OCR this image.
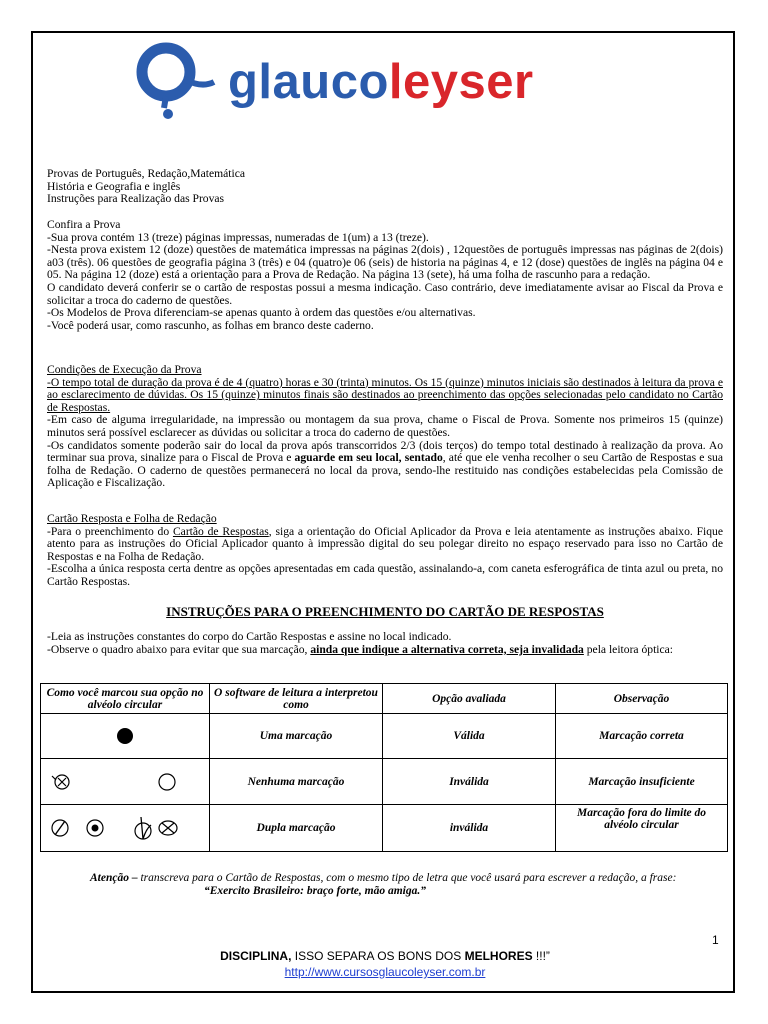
glaucoleyser
Provas de Português, Redação,Matemática
História e Geografia e inglês
Instruções para Realização das Provas
Confira a Prova
-Sua prova contém 13 (treze) páginas impressas, numeradas de 1(um) a 13 (treze).
-Nesta prova existem 12 (doze) questões de matemática impressas na páginas 2(dois) , 12questões de português impressas nas páginas de 2(dois) a03 (três). 06 questões de geografia página 3 (três) e 04 (quatro)e 06 (seis) de historia na páginas 4, e 12 (dose) questões de inglês na página 04 e 05. Na página 12 (doze) está a orientação para a Prova de Redação. Na página 13 (sete), há uma folha de rascunho para a redação.
O candidato deverá conferir se o cartão de respostas possui a mesma indicação. Caso contrário, deve imediatamente avisar ao Fiscal da Prova e solicitar a troca do caderno de questões.
-Os Modelos de Prova diferenciam-se apenas quanto à ordem das questões e/ou alternativas.
-Você poderá usar, como rascunho, as folhas em branco deste caderno.
Condições de Execução da Prova
-O tempo total de duração da prova é de 4 (quatro) horas e 30 (trinta) minutos. Os 15 (quinze) minutos iniciais são destinados à leitura da prova e ao esclarecimento de dúvidas. Os 15 (quinze) minutos finais são destinados ao preenchimento das opções selecionadas pelo candidato no Cartão de Respostas.
-Em caso de alguma irregularidade, na impressão ou montagem da sua prova, chame o Fiscal de Prova. Somente nos primeiros 15 (quinze) minutos será possível esclarecer as dúvidas ou solicitar a troca do caderno de questões.
-Os candidatos somente poderão sair do local da prova após transcorridos 2/3 (dois terços) do tempo total destinado à realização da prova. Ao terminar sua prova, sinalize para o Fiscal de Prova e aguarde em seu local, sentado, até que ele venha recolher o seu Cartão de Respostas e sua folha de Redação. O caderno de questões permanecerá no local da prova, sendo-lhe restituido nas condições estabelecidas pela Comissão de Aplicação e Fiscalização.
Cartão Resposta e Folha de Redação
-Para o preenchimento do Cartão de Respostas, siga a orientação do Oficial Aplicador da Prova e leia atentamente as instruções abaixo. Fique atento para as instruções do Oficial Aplicador quanto à impressão digital do seu polegar direito no espaço reservado para isso no Cartão de Respostas e na Folha de Redação.
-Escolha a única resposta certa dentre as opções apresentadas em cada questão, assinalando-a, com caneta esferográfica de tinta azul ou preta, no Cartão Respostas.
INSTRUÇÕES PARA O PREENCHIMENTO DO CARTÃO DE RESPOSTAS
-Leia as instruções constantes do corpo do Cartão Respostas e assine no local indicado.
-Observe o quadro abaixo para evitar que sua marcação, ainda que indique a alternativa correta, seja invalidada pela leitora óptica:
Como você marcou sua opção no alvéolo circular	O software de leitura a interpretou como	Opção avaliada	Observação
	Uma marcação	Válida	Marcação correta
	Nenhuma marcação	Inválida	Marcação insuficiente
	Dupla marcação	inválida	Marcação fora do limite do alvéolo circular
Atenção – transcreva para o Cartão de Respostas, com o mesmo tipo de letra que você usará para escrever a redação, a frase:
“Exercito Brasileiro: braço forte, mão amiga.”
1
DISCIPLINA, ISSO SEPARA OS BONS DOS MELHORES !!!”
http://www.cursosglaucoleyser.com.br
